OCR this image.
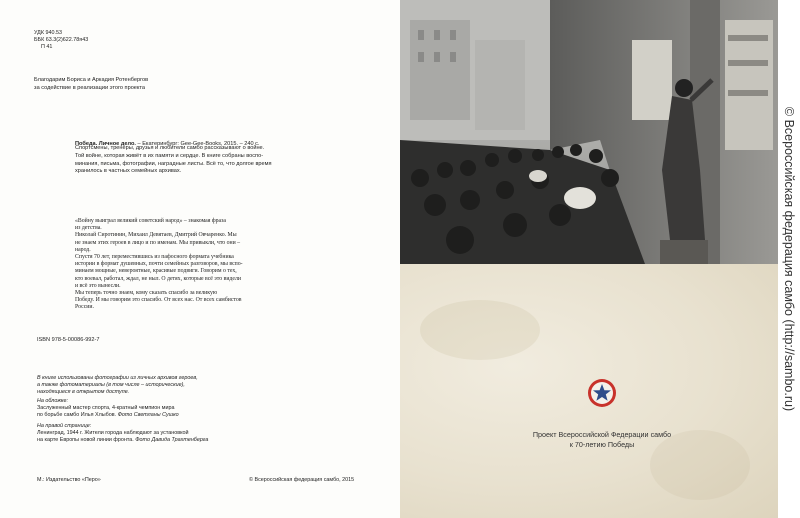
УДК 940.53
ББК 63.3(2)622.78я43
П 41
Благодарим Бориса и Аркадия Ротенбергов
за содействие в реализации этого проекта

Победа. Личное дело. – Екатеринбург: Gee-Gee-Books, 2015. – 240 с.

Спортсмены, тренеры, друзья и любители самбо рассказывают о войне.
Той войне, которая живёт в их памяти и сердце. В книге собраны воспо-
минания, письма, фотографии, наградные листы. Всё то, что долгое время
хранилось в частных семейных архивах.
«Войну выиграл великий советский народ» – знакомая фраза
из детства.
Николай Сиротинин, Михаил Девятаев, Дмитрий Овчаренко. Мы
не знаем этих героев в лицо и по именам. Мы привыкли, что они –
народ.
Спустя 70 лет, переместившись из пафосного формата учебника
истории в формат душевных, почти семейных разговоров, мы вспо-
минаем мощные, невероятные, красивые подвиги. Говорим о тех,
кто воевал, работал, ждал, не ныл. О детях, которые всё это видели
и всё это вынесли.
Мы теперь точно знаем, кому сказать спасибо за великую
Победу. И мы говорим это спасибо. От всех нас. От всех самбистов
России.
ISBN 978-5-00086-992-7
В книге использованы фотографии из личных архивов героев,
а также фотоматериалы (в том числе – исторические),
находящиеся в открытом доступе.
На обложке:
Заслуженный мастер спорта, 4-кратный чемпион мира
по борьбе самбо Илья Хлыбов. Фото Светланы Сушко
На правой странице:
Ленинград, 1944 г. Жители города наблюдают за установкой
на карте Европы новой линии фронта. Фото Давида Трахтенберга
М.: Издательство «Перо»	© Всероссийская федерация самбо, 2015
Проект Всероссийской Федерации самбо
к 70-летию Победы
© Всероссийская федерация самбо (http://sambo.ru)
